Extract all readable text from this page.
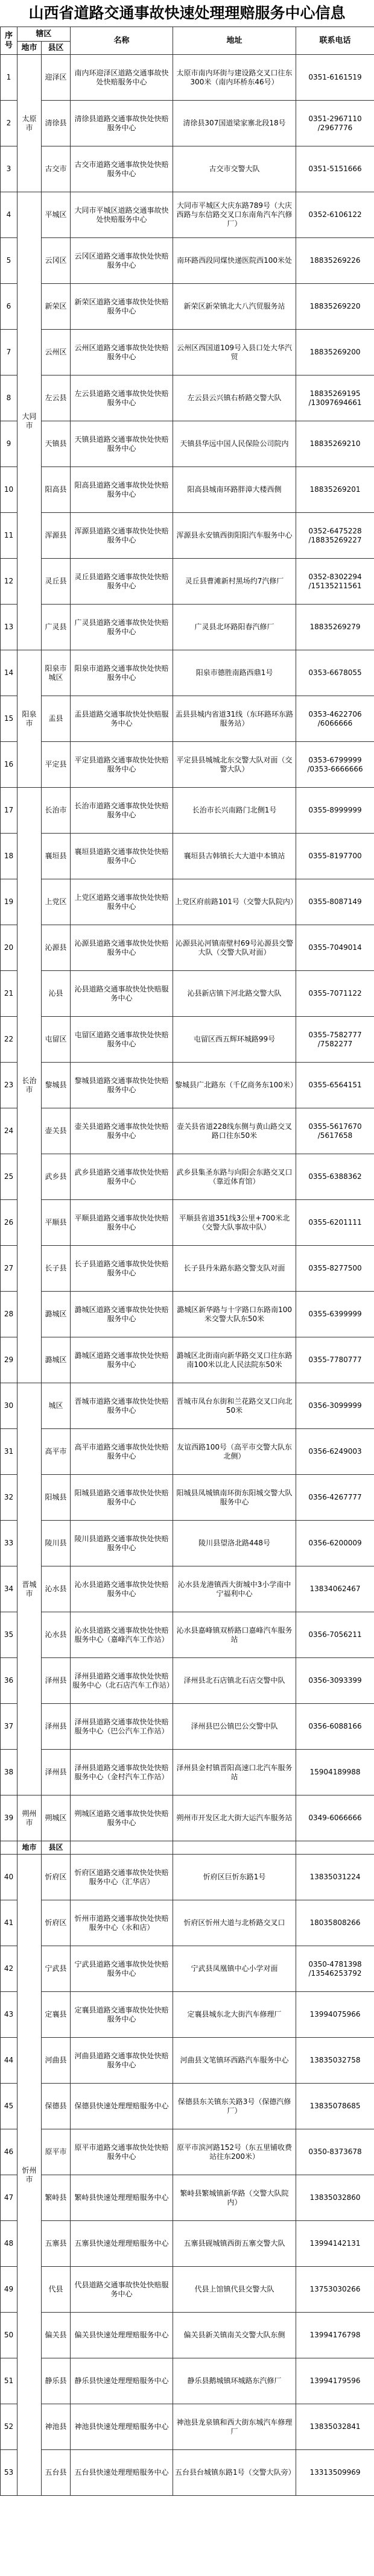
山西省道路交通事故快速处理理赔服务中心信息
序号	辖区		名称	地址	联系电话
	地市	县区			
1	太原市	迎泽区	南内环迎泽区道路交通事故快处快赔服务中心	太原市南内环街与建设路交叉口往东300米（南内环桥东46号）	0351-6161519
2		清徐县	清徐县道路交通事故快处快赔服务中心	清徐县307国道梁家寨北段18号	0351-2967110
/2967776
3		古交市	古交市道路交通事故快处快赔服务中心	古交市交警大队	0351-5151666
4	大同市	平城区	大同市平城区道路交通事故快处快赔服务中心	大同市平城区大庆东路789号（大庆西路与东信路交叉口东南角汽车汽修厂）	0352-6106122
5		云冈区	云冈区道路交通事故快处快赔服务中心	南环路西段同煤快递医院西100米处	18835269226
6		新荣区	新荣区道路交通事故快处快赔服务中心	新荣区新荣镇北大八汽贸服务站	18835269220
7		云州区	云州区道路交通事故快处快赔服务中心	云州区西国道109号入县口处大华汽贸	18835269200
8		左云县	左云县道路交通事故快处快赔服务中心	左云县云兴镇右桥路交警大队	18835269195
/13097694661
9		天镇县	天镇县道路交通事故快处快赔服务中心	天镇县华远中国人民保险公司院内	18835269210
10		阳高县	阳高县道路交通事故快处快赔服务中心	阳高县城南环路胖漳大楼西侧	18835269201
11		浑源县	浑源县道路交通事故快处快赔服务中心	浑源县永安镇西街阳阳汽车服务中心	0352-6475228
/18835269227
12		灵丘县	灵丘县道路交通事故快处快赔服务中心	灵丘县曹滩新村黑场约7汽修厂	0352-8302294
/15135211561
13		广灵县	广灵县道路交通事故快处快赔服务中心	广灵县北环路阳春汽修厂	18835269279
14	阳泉市	阳泉市城区	阳泉市道路交通事故快处快赔服务中心	阳泉市德胜南路西鼎1号	0353-6678055
15		盂县	盂县道路交通事故快处快赔服务中心	盂县县城内省道31线（东环路环东路服务站）	0353-4622706
/6066666
16		平定县	平定县道路交通事故快处快赔服务中心	平定县县城城北东交警大队对面（交警大队）	0353-6799999
/0353-6666666
17	长治市	长治市	长治市道路交通事故快处快赔服务中心	长治市长兴南路门北侧1号	0355-8999999
18		襄垣县	襄垣县道路交通事故快处快赔服务中心	襄垣县古韩镇长大大道中本镇站	0355-8197700
19		上党区	上党区道路交通事故快处快赔服务中心	上党区府前路101号（交警大队院内）	0355-8087149
20		沁源县	沁源县道路交通事故快处快赔服务中心	沁源县沁河镇南壁村69号沁源县交警大队（交警大队对面）	0355-7049014
21		沁县	沁县道路交通事故快处快赔服务中心	沁县新店镇下河北路交警大队	0355-7071122
22		屯留区	屯留区道路交通事故快处快赔服务中心	屯留区西五辉环城路99号	0355-7582777
/7582277
23		黎城县	黎城县道路交通事故快处快赔服务中心	黎城县广北路东（千亿商务东100米）	0355-6564151
24		壶关县	壶关县道路交通事故快处快赔服务中心	壶关县省道228线东侧与黄山路交叉路口往东50米	0355-5617670
/5617658
25		武乡县	武乡县道路交通事故快处快赔服务中心	武乡县集圣东路与向阳会东路交叉口（靠近体育馆）	0355-6388362
26		平顺县	平顺县道路交通事故快处快赔服务中心	平顺县省道351线3公里+700米北（交警大队事故中队）	0355-6201111
27		长子县	长子县道路交通事故快处快赔服务中心	长子县丹朱路东路交警支队对面	0355-8277500
28		潞城区	潞城区道路交通事故快处快赔服务中心	潞城区新华路与十字路口东路南100米交警大队东50米	0355-6399999
29		潞城区	潞城区道路交通事故快处快赔服务中心	潞城区北街南向新华路交叉口往东路南100米以北人民法院东50米	0355-7780777
30	晋城市	城区	晋城市道路交通事故快处快赔服务中心	晋城市凤台东街和兰花路交叉口向北50米	0356-3099999
31		高平市	高平市道路交通事故快处快赔服务中心	友谊西路100号（高平市交警大队东北侧）	0356-6249003
32		阳城县	阳城县道路交通事故快处快赔服务中心	阳城县凤城镇南环街东阳城交警大队服务中心	0356-4267777
33		陵川县	陵川县道路交通事故快处快赔服务中心	陵川县望洛北路448号	0356-6200009
34		沁水县	沁水县道路交通事故快处快赔服务中心	沁水县龙港镇西大街城中3小学南中宁福利中心	13834062467
35		沁水县	沁水县道路交通事故快处快赔服务中心（嘉峰汽车工作站）	沁水县嘉峰镇双桥路口嘉峰汽车服务站	0356-7056211
36		泽州县	泽州县道路交通事故快处快赔服务中心（北石店汽车工作站）	泽州县北石店镇北石店交警中队	0356-3093399
37		泽州县	泽州县道路交通事故快处快赔服务中心（巴公汽车工作站）	泽州县巴公镇巴公交警中队	0356-6088166
38		泽州县	泽州县道路交通事故快处快赔服务中心（金村汽车工作站）	泽州县金村镇晋阳高速口北汽车服务站	15904189988
39	朔州市	朔城区	朔城区道路交通事故快处快赔服务中心	朔州市开发区北大街大运汽车服务站	0349-6066666
	地市	县区			
40	忻州市	忻府区	忻府区道路交通事故快处快赔服务中心（汇华店）	忻府区巨忻东路1号	13835031224
41		忻府区	忻州市道路交通事故快处快赔服务中心（永和店）	忻府区忻州大道与北桥路交叉口	18035808266
42		宁武县	宁武县道路交通事故快处快赔服务中心	宁武县凤凰镇中心小学对面	0350-4781398
/13546253792
43		定襄县	定襄县道路交通事故快处快赔服务中心	定襄县城东北大街汽车修理厂	13994075966
44		河曲县	河曲县道路交通事故快处快赔服务中心	河曲县文笔镇环西路汽车服务中心	13835032758
45		保德县	保德县快速处理理赔服务中心	保德县东关镇东关路3号（保德汽修厂）	13835078685
46		原平市	原平市道路交通事故快处快赔服务中心	原平市滨河路152号（东五里铺收费站往东200米）	0350-8373678
47		繁峙县	繁峙县快速处理理赔服务中心	繁峙县繁城镇新华路（交警大队院内）	13835032860
48		五寨县	五寨县快速处理理赔服务中心	五寨县砚城镇西街五寨交警大队	13994142131
49		代县	代县道路交通事故快处快赔服务中心	代县上馆镇代县交警大队	13753030266
50		偏关县	偏关县快速处理理赔服务中心	偏关县新关镇南关交警大队东侧	13994176798
51		静乐县	静乐县快速处理理赔服务中心	静乐县鹅城镇环城路东汽修厂	13994179596
52		神池县	神池县快速处理理赔服务中心	神池县龙泉镇和西大街东城汽车修理厂	13835032841
53		五台县	五台县快速处理理赔服务中心	五台县台城镇东路1号（交警大队旁）	13313509969
